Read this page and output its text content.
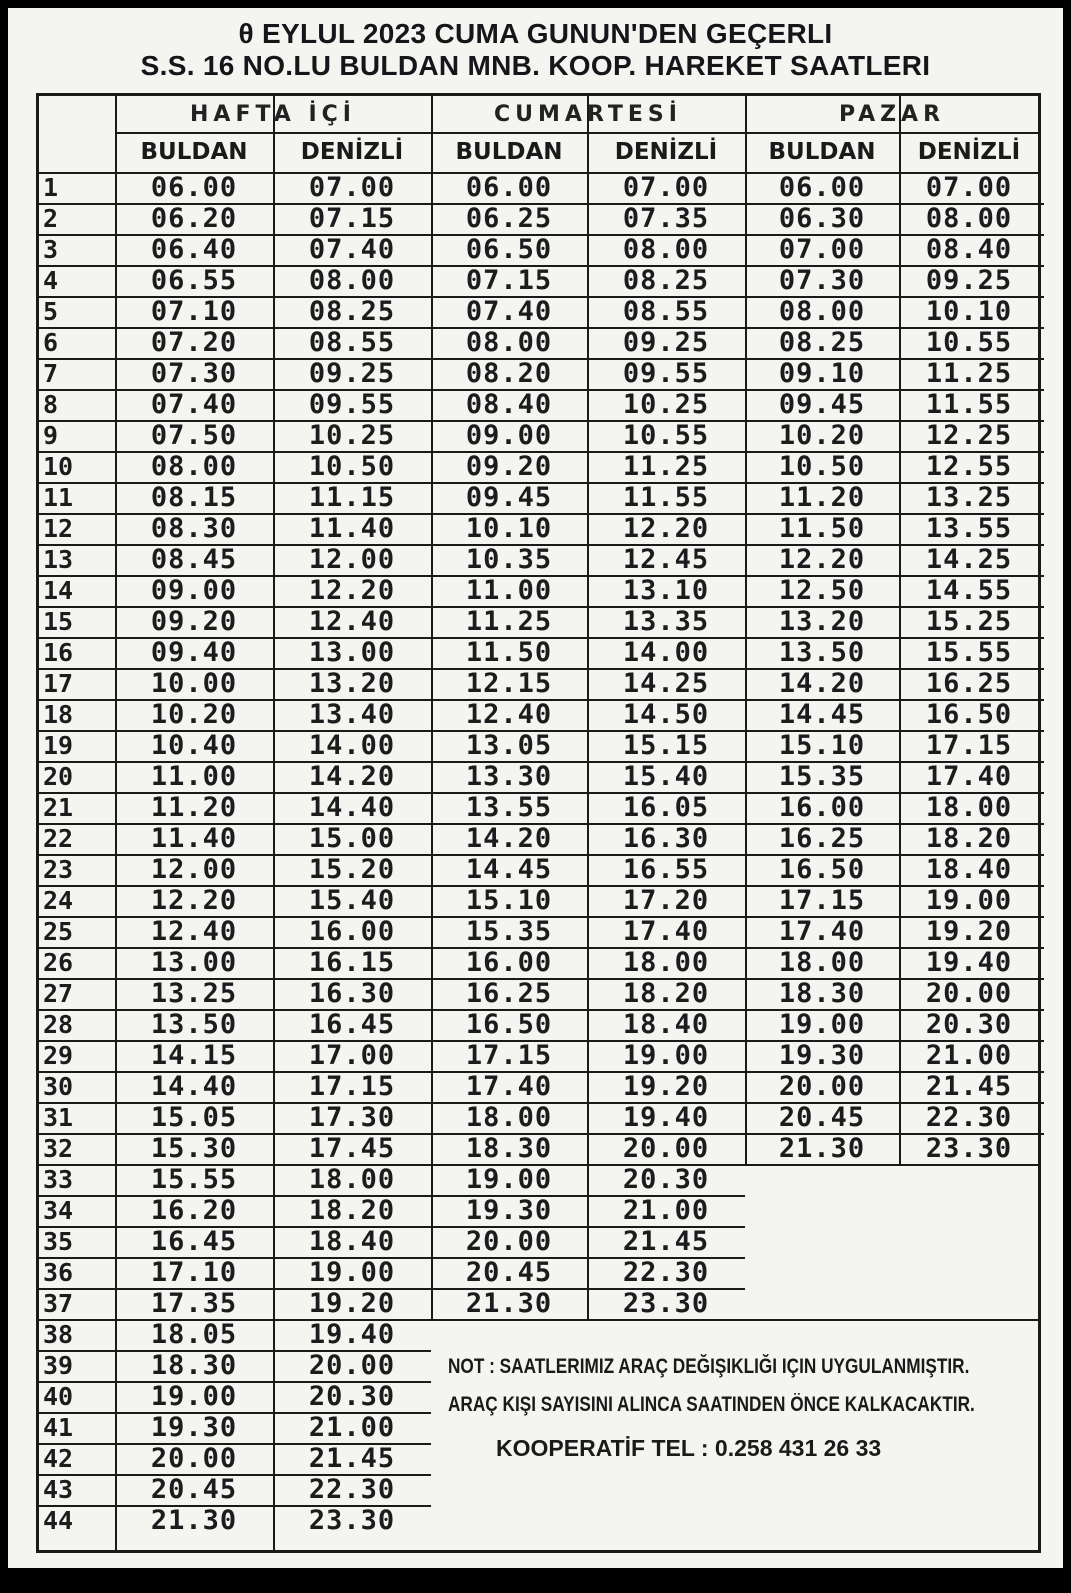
θ EYLUL 2023 CUMA GUNUN'DEN GEÇERLI
S.S. 16 NO.LU BULDAN MNB. KOOP. HAREKET SAATLERI
HAFTA İÇİ	CUMARTESİ	PAZAR
BULDAN	DENİZLİ	BULDAN	DENİZLİ	BULDAN	DENİZLİ
1	06.00	07.00	06.00	07.00	06.00	07.00
2	06.20	07.15	06.25	07.35	06.30	08.00
3	06.40	07.40	06.50	08.00	07.00	08.40
4	06.55	08.00	07.15	08.25	07.30	09.25
5	07.10	08.25	07.40	08.55	08.00	10.10
6	07.20	08.55	08.00	09.25	08.25	10.55
7	07.30	09.25	08.20	09.55	09.10	11.25
8	07.40	09.55	08.40	10.25	09.45	11.55
9	07.50	10.25	09.00	10.55	10.20	12.25
10	08.00	10.50	09.20	11.25	10.50	12.55
11	08.15	11.15	09.45	11.55	11.20	13.25
12	08.30	11.40	10.10	12.20	11.50	13.55
13	08.45	12.00	10.35	12.45	12.20	14.25
14	09.00	12.20	11.00	13.10	12.50	14.55
15	09.20	12.40	11.25	13.35	13.20	15.25
16	09.40	13.00	11.50	14.00	13.50	15.55
17	10.00	13.20	12.15	14.25	14.20	16.25
18	10.20	13.40	12.40	14.50	14.45	16.50
19	10.40	14.00	13.05	15.15	15.10	17.15
20	11.00	14.20	13.30	15.40	15.35	17.40
21	11.20	14.40	13.55	16.05	16.00	18.00
22	11.40	15.00	14.20	16.30	16.25	18.20
23	12.00	15.20	14.45	16.55	16.50	18.40
24	12.20	15.40	15.10	17.20	17.15	19.00
25	12.40	16.00	15.35	17.40	17.40	19.20
26	13.00	16.15	16.00	18.00	18.00	19.40
27	13.25	16.30	16.25	18.20	18.30	20.00
28	13.50	16.45	16.50	18.40	19.00	20.30
29	14.15	17.00	17.15	19.00	19.30	21.00
30	14.40	17.15	17.40	19.20	20.00	21.45
31	15.05	17.30	18.00	19.40	20.45	22.30
32	15.30	17.45	18.30	20.00	21.30	23.30
33	15.55	18.00	19.00	20.30
34	16.20	18.20	19.30	21.00
35	16.45	18.40	20.00	21.45
36	17.10	19.00	20.45	22.30
37	17.35	19.20	21.30	23.30
38	18.05	19.40
39	18.30	20.00
40	19.00	20.30
41	19.30	21.00
42	20.00	21.45
43	20.45	22.30
44	21.30	23.30
NOT : SAATLERIMIZ ARAÇ DEĞIŞIKLIĞI IÇIN UYGULANMIŞTIR.
ARAÇ KIŞI SAYISINI ALINCA SAATINDEN ÖNCE KALKACAKTIR.
KOOPERATİF TEL : 0.258 431 26 33
